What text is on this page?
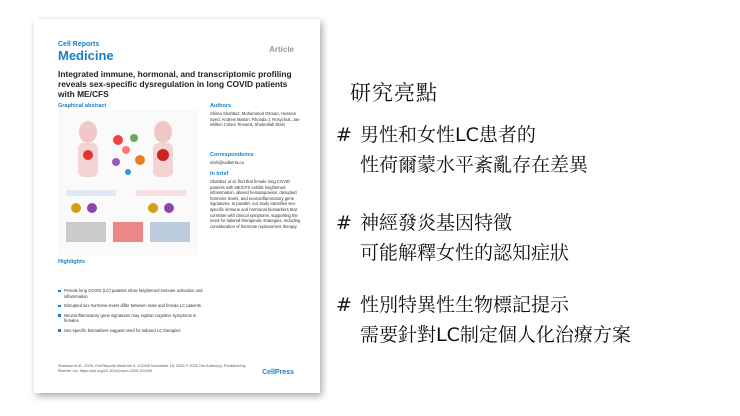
Cell Reports
Medicine	Article
Integrated immune, hormonal, and transcriptomic profiling reveals sex-specific dysregulation in long COVID patients with ME/CFS
Graphical abstract	Authors
Shima Shahbaz, Mohammed Osman, Hussein Syed, Andrew Mason, Rhonda J. Rosychuk, Jan Willem Cohen Tervaert, Shokrollah Elahi
Correspondence
elahi@ualberta.ca
In brief
Shahbaz et al. find that female long COVID patients with ME/CFS exhibit heightened inflammation, altered hematopoiesis, disrupted hormone levels, and neuroinflammatory gene signatures. In parallel, our study identifies sex-specific immune and hormonal biomarkers that correlate with clinical symptoms, supporting the need for tailored therapeutic strategies, including consideration of hormone replacement therapy.
Highlights
Female long COVID (LC) patients show heightened immune activation and inflammation
Disrupted sex hormone levels differ between male and female LC patients
Neuroinflammatory gene signatures may explain cognitive symptoms in females
Sex-specific biomarkers suggest need for tailored LC therapies
Shahbaz et al., 2025, Cell Reports Medicine 6, 102449 November 18, 2025 © 2025 The Author(s). Published by Elsevier Inc. https://doi.org/10.1016/j.xcrm.2025.102449	CellPress
研究亮點
# 男性和女性LC患者的
性荷爾蒙水平紊亂存在差異
# 神經發炎基因特徵
可能解釋女性的認知症狀
# 性別特異性生物標記提示
需要針對LC制定個人化治療方案
